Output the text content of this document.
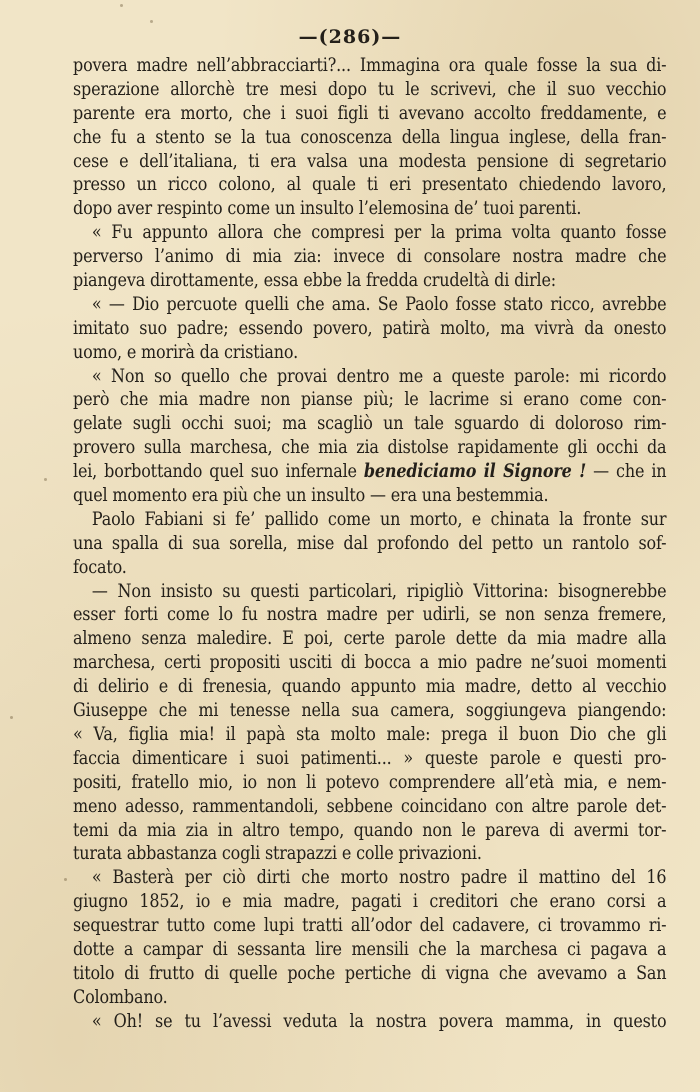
—(286)—
povera madre nell’abbracciarti?... Immagina ora quale fosse la sua di-
sperazione allorchè tre mesi dopo tu le scrivevi, che il suo vecchio
parente era morto, che i suoi figli ti avevano accolto freddamente, e
che fu a stento se la tua conoscenza della lingua inglese, della fran-
cese e dell’italiana, ti era valsa una modesta pensione di segretario
presso un ricco colono, al quale ti eri presentato chiedendo lavoro,
dopo aver respinto come un insulto l’elemosina de’ tuoi parenti.
« Fu appunto allora che compresi per la prima volta quanto fosse
perverso l’animo di mia zia: invece di consolare nostra madre che
piangeva dirottamente, essa ebbe la fredda crudeltà di dirle:
« — Dio percuote quelli che ama. Se Paolo fosse stato ricco, avrebbe
imitato suo padre; essendo povero, patirà molto, ma vivrà da onesto
uomo, e morirà da cristiano.
« Non so quello che provai dentro me a queste parole: mi ricordo
però che mia madre non pianse più; le lacrime si erano come con-
gelate sugli occhi suoi; ma scagliò un tale sguardo di doloroso rim-
provero sulla marchesa, che mia zia distolse rapidamente gli occhi da
lei, borbottando quel suo infernale benediciamo il Signore ! — che in
quel momento era più che un insulto — era una bestemmia.
Paolo Fabiani si fe’ pallido come un morto, e chinata la fronte sur
una spalla di sua sorella, mise dal profondo del petto un rantolo sof-
focato.
— Non insisto su questi particolari, ripigliò Vittorina: bisognerebbe
esser forti come lo fu nostra madre per udirli, se non senza fremere,
almeno senza maledire. E poi, certe parole dette da mia madre alla
marchesa, certi propositi usciti di bocca a mio padre ne’suoi momenti
di delirio e di frenesia, quando appunto mia madre, detto al vecchio
Giuseppe che mi tenesse nella sua camera, soggiungeva piangendo:
« Va, figlia mia! il papà sta molto male: prega il buon Dio che gli
faccia dimenticare i suoi patimenti... » queste parole e questi pro-
positi, fratello mio, io non li potevo comprendere all’età mia, e nem-
meno adesso, rammentandoli, sebbene coincidano con altre parole det-
temi da mia zia in altro tempo, quando non le pareva di avermi tor-
turata abbastanza cogli strapazzi e colle privazioni.
« Basterà per ciò dirti che morto nostro padre il mattino del 16
giugno 1852, io e mia madre, pagati i creditori che erano corsi a
sequestrar tutto come lupi tratti all’odor del cadavere, ci trovammo ri-
dotte a campar di sessanta lire mensili che la marchesa ci pagava a
titolo di frutto di quelle poche pertiche di vigna che avevamo a San
Colombano.
« Oh! se tu l’avessi veduta la nostra povera mamma, in questo
